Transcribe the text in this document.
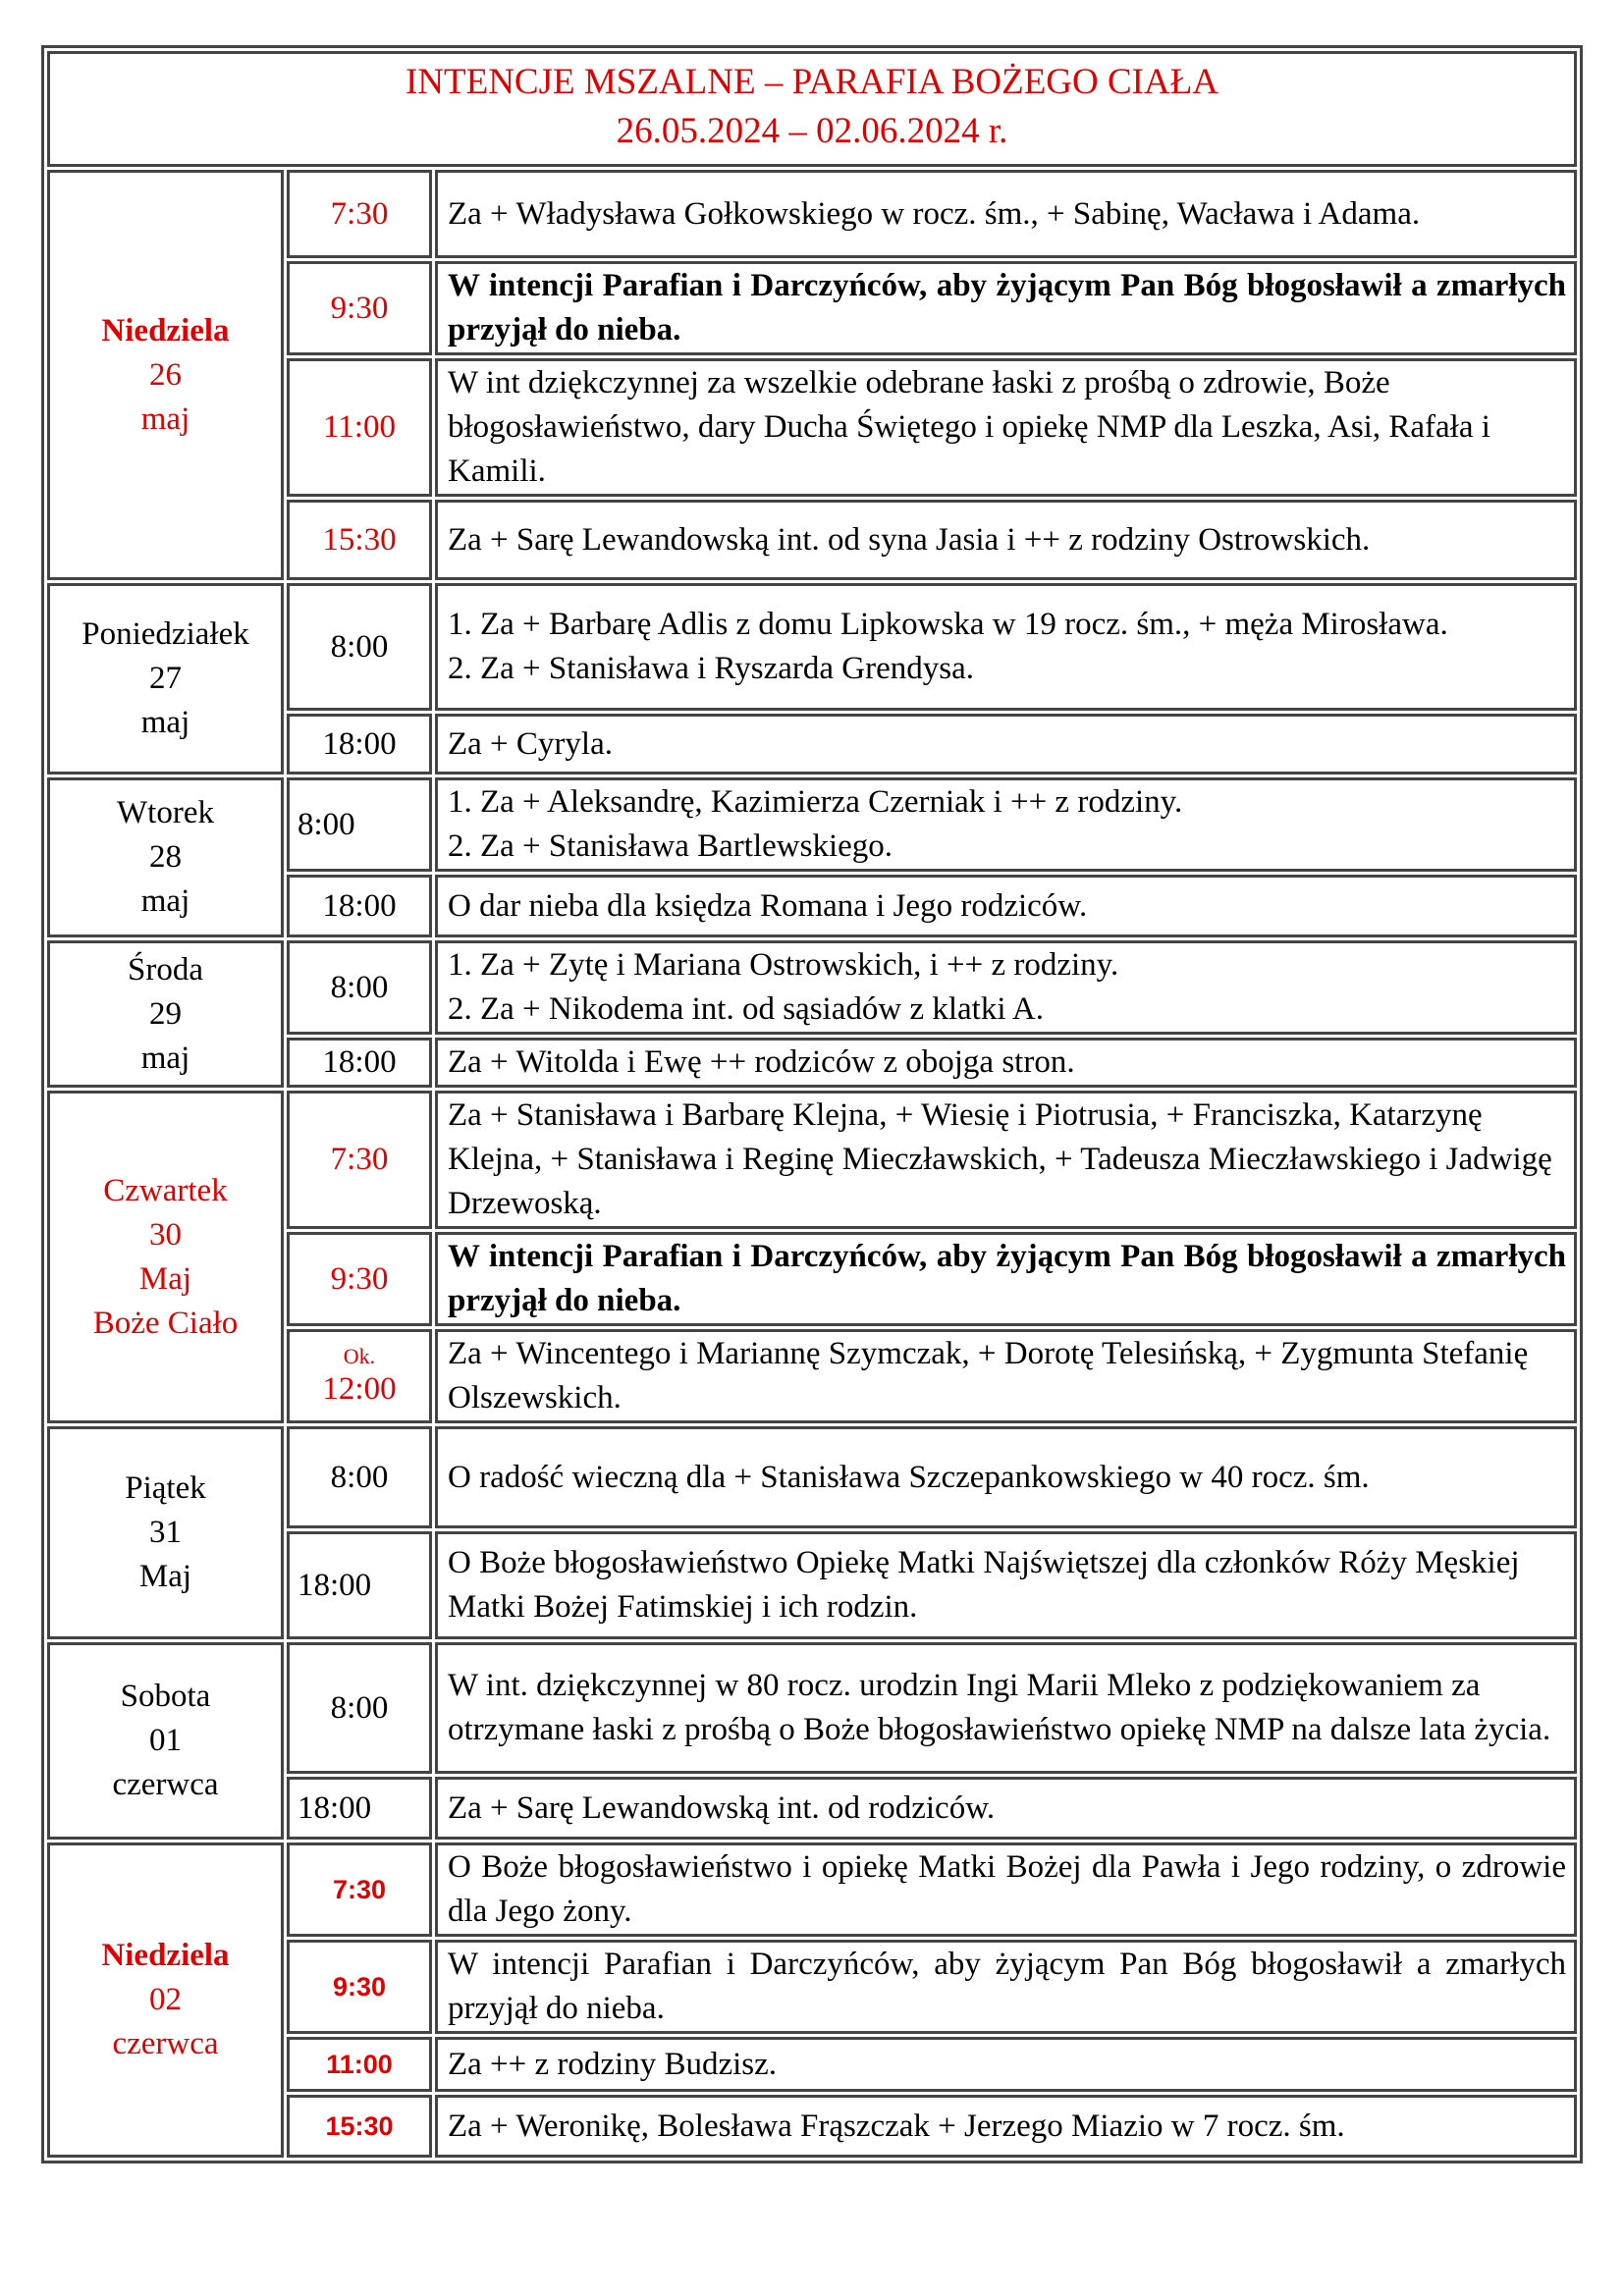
INTENCJE MSZALNE – PARAFIA BOŻEGO CIAŁA
26.05.2024 – 02.06.2024 r.		

Niedziela
26
maj	7:30	Za + Władysława Gołkowskiego w rocz. śm., + Sabinę, Wacława i Adama.
	9:30	W intencji Parafian i Darczyńców, aby żyjącym Pan Bóg błogosławił a zmarłych przyjął do nieba.
	11:00	W int dziękczynnej za wszelkie odebrane łaski z prośbą o zdrowie, Boże błogosławieństwo, dary Ducha Świętego i opiekę NMP dla Leszka, Asi, Rafała i Kamili.
	15:30	Za + Sarę Lewandowską int. od syna Jasia i ++ z rodziny Ostrowskich.

Poniedziałek
27
maj	8:00	1. Za + Barbarę Adlis z domu Lipkowska w 19 rocz. śm., + męża Mirosława.
2. Za + Stanisława i Ryszarda Grendysa.

	18:00	Za + Cyryla.

Wtorek
28
maj	8:00	1. Za + Aleksandrę, Kazimierza Czerniak i ++ z rodziny.
2. Za + Stanisława Bartlewskiego.

	18:00	O dar nieba dla księdza Romana i Jego rodziców.

Środa
29
maj	8:00	1. Za + Zytę i Mariana Ostrowskich, i ++ z rodziny.
2. Za + Nikodema int. od sąsiadów z klatki A.

	18:00	Za + Witolda i Ewę ++ rodziców z obojga stron.

Czwartek
30
Maj
Boże Ciało	7:30	Za + Stanisława i Barbarę Klejna, + Wiesię i Piotrusia, + Franciszka, Katarzynę Klejna, + Stanisława i Reginę Mieczławskich, + Tadeusza Mieczławskiego i Jadwigę Drzewoską.
	9:30	W intencji Parafian i Darczyńców, aby żyjącym Pan Bóg błogosławił a zmarłych przyjął do nieba.

	Ok.
12:00	Za + Wincentego i Mariannę Szymczak, + Dorotę Telesińską, + Zygmunta Stefanię Olszewskich.

Piątek
31
Maj	8:00	O radość wieczną dla + Stanisława Szczepankowskiego w 40 rocz. śm.
	18:00	O Boże błogosławieństwo Opiekę Matki Najświętszej dla członków Róży Męskiej Matki Bożej Fatimskiej i ich rodzin.

Sobota
01
czerwca	8:00	W int. dziękczynnej w 80 rocz. urodzin Ingi Marii Mleko z podziękowaniem za otrzymane łaski z prośbą o Boże błogosławieństwo opiekę NMP na dalsze lata życia.
	18:00	Za + Sarę Lewandowską int. od rodziców.

Niedziela
02
czerwca	7:30	O Boże błogosławieństwo i opiekę Matki Bożej dla Pawła i Jego rodziny, o zdrowie dla Jego żony.
	9:30	W intencji Parafian i Darczyńców, aby żyjącym Pan Bóg błogosławił a zmarłych przyjął do nieba.
	11:00	Za ++ z rodziny Budzisz.
	15:30	Za + Weronikę, Bolesława Frąszczak + Jerzego Miazio w 7 rocz. śm.
